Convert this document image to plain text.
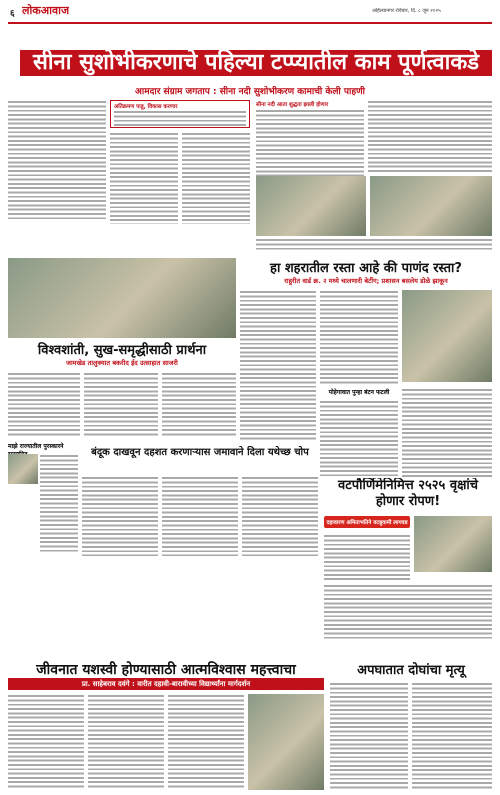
६ लोकआवाज	अहिल्यानगर रविवार, दि. ८ जून २०२५
सीना सुशोभीकरणाचे पहिल्या टप्प्यातील काम पूर्णत्वाकडे
आमदार संग्राम जगताप : सीना नदी सुशोभीकरण कामाची केली पाहणी
अतिक्रमण पाडू, विकास करणार	सीना नदी आता शुद्धता झाली होणार
हा शहरातील रस्ता आहे की पाणंद रस्ता?
राहुरीत वार्ड क्र. २ मध्ये चालणारी बेटींग; प्रशासन बसलेय डोळे झाकून
पोहेगावात पुन्हा बंटन फटली
विश्वशांती, सुख-समृद्धीसाठी प्रार्थना
जामखेड तालुक्यात बकरीद ईद उत्साहात साजरी
माझे राज्यातील पुरस्कारने
बंदूक दाखवून दहशत करणाऱ्यास जमावाने दिला यथेच्छ चोप
वटपौर्णिमेनिमित्त २५२५ वृक्षांचे होणार रोपण!
दहावारण अमिताभतिने वटबुवामी लागवड
जीवनात यशस्वी होण्यासाठी आत्मविश्वास महत्त्वाचा
प्रा. साहेबराव दवंगे : वारीत दहावी-बारावीच्या विद्यार्थ्यांना मार्गदर्शन
अपघातात दोघांचा मृत्यू
